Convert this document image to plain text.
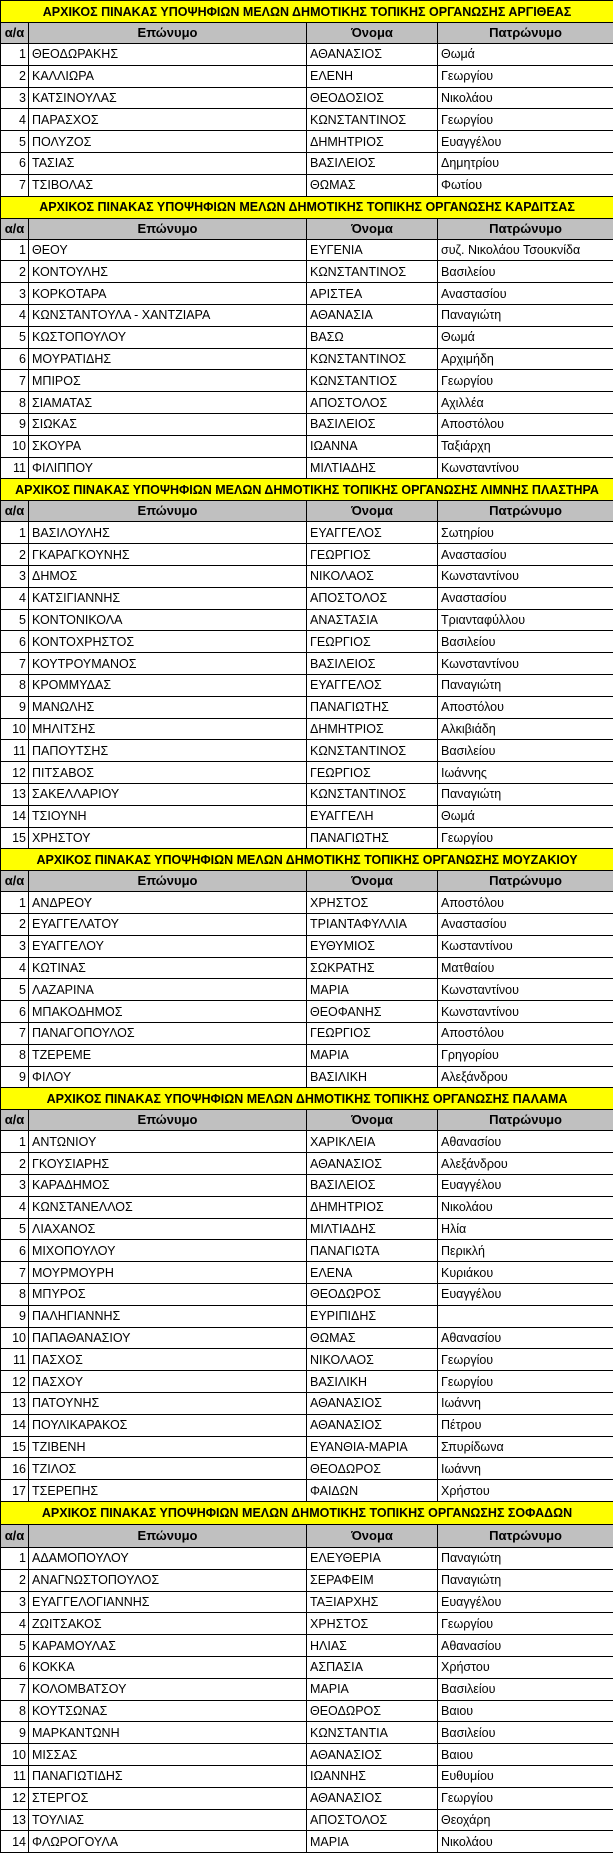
ΑΡΧΙΚΟΣ ΠΙΝΑΚΑΣ ΥΠΟΨΗΦΙΩΝ ΜΕΛΩΝ ΔΗΜΟΤΙΚΗΣ ΤΟΠΙΚΗΣ ΟΡΓΑΝΩΣΗΣ ΑΡΓΙΘΕΑΣ			
α/α	Επώνυμο	Όνομα	Πατρώνυμο
1	ΘΕΟΔΩΡΑΚΗΣ	ΑΘΑΝΑΣΙΟΣ	Θωμά
2	ΚΑΛΛΙΩΡΑ	ΕΛΕΝΗ	Γεωργίου
3	ΚΑΤΣΙΝΟΥΛΑΣ	ΘΕΟΔΟΣΙΟΣ	Νικολάου
4	ΠΑΡΑΣΧΟΣ	ΚΩΝΣΤΑΝΤΙΝΟΣ	Γεωργίου
5	ΠΟΛΥΖΟΣ	ΔΗΜΗΤΡΙΟΣ	Ευαγγέλου
6	ΤΑΣΙΑΣ	ΒΑΣΙΛΕΙΟΣ	Δημητρίου
7	ΤΣΙΒΟΛΑΣ	ΘΩΜΑΣ	Φωτίου
ΑΡΧΙΚΟΣ ΠΙΝΑΚΑΣ ΥΠΟΨΗΦΙΩΝ ΜΕΛΩΝ ΔΗΜΟΤΙΚΗΣ ΤΟΠΙΚΗΣ ΟΡΓΑΝΩΣΗΣ ΚΑΡΔΙΤΣΑΣ			
α/α	Επώνυμο	Όνομα	Πατρώνυμο
1	ΘΕΟΥ	ΕΥΓΕΝΙΑ	συζ. Νικολάου Τσουκνίδα
2	ΚΟΝΤΟΥΛΗΣ	ΚΩΝΣΤΑΝΤΙΝΟΣ	Βασιλείου
3	ΚΟΡΚΟΤΑΡΑ	ΑΡΙΣΤΕΑ	Αναστασίου
4	ΚΩΝΣΤΑΝΤΟΥΛΑ - ΧΑΝΤΖΙΑΡΑ	ΑΘΑΝΑΣΙΑ	Παναγιώτη
5	ΚΩΣΤΟΠΟΥΛΟΥ	ΒΑΣΩ	Θωμά
6	ΜΟΥΡΑΤΙΔΗΣ	ΚΩΝΣΤΑΝΤΙΝΟΣ	Αρχιμήδη
7	ΜΠΙΡΟΣ	ΚΩΝΣΤΑΝΤΙΟΣ	Γεωργίου
8	ΣΙΑΜΑΤΑΣ	ΑΠΟΣΤΟΛΟΣ	Αχιλλέα
9	ΣΙΩΚΑΣ	ΒΑΣΙΛΕΙΟΣ	Αποστόλου
10	ΣΚΟΥΡΑ	ΙΩΑΝΝΑ	Ταξιάρχη
11	ΦΙΛΙΠΠΟΥ	ΜΙΛΤΙΑΔΗΣ	Κωνσταντίνου
ΑΡΧΙΚΟΣ ΠΙΝΑΚΑΣ ΥΠΟΨΗΦΙΩΝ ΜΕΛΩΝ ΔΗΜΟΤΙΚΗΣ ΤΟΠΙΚΗΣ ΟΡΓΑΝΩΣΗΣ ΛΙΜΝΗΣ ΠΛΑΣΤΗΡΑ			
α/α	Επώνυμο	Όνομα	Πατρώνυμο
1	ΒΑΣΙΛΟΥΛΗΣ	ΕΥΑΓΓΕΛΟΣ	Σωτηρίου
2	ΓΚΑΡΑΓΚΟΥΝΗΣ	ΓΕΩΡΓΙΟΣ	Αναστασίου
3	ΔΗΜΟΣ	ΝΙΚΟΛΑΟΣ	Κωνσταντίνου
4	ΚΑΤΣΙΓΙΑΝΝΗΣ	ΑΠΟΣΤΟΛΟΣ	Αναστασίου
5	ΚΟΝΤΟΝΙΚΟΛΑ	ΑΝΑΣΤΑΣΙΑ	Τριανταφύλλου
6	ΚΟΝΤΟΧΡΗΣΤΟΣ	ΓΕΩΡΓΙΟΣ	Βασιλείου
7	ΚΟΥΤΡΟΥΜΑΝΟΣ	ΒΑΣΙΛΕΙΟΣ	Κωνσταντίνου
8	ΚΡΟΜΜΥΔΑΣ	ΕΥΑΓΓΕΛΟΣ	Παναγιώτη
9	ΜΑΝΩΛΗΣ	ΠΑΝΑΓΙΩΤΗΣ	Αποστόλου
10	ΜΗΛΙΤΣΗΣ	ΔΗΜΗΤΡΙΟΣ	Αλκιβιάδη
11	ΠΑΠΟΥΤΣΗΣ	ΚΩΝΣΤΑΝΤΙΝΟΣ	Βασιλείου
12	ΠΙΤΣΑΒΟΣ	ΓΕΩΡΓΙΟΣ	Ιωάννης
13	ΣΑΚΕΛΛΑΡΙΟΥ	ΚΩΝΣΤΑΝΤΙΝΟΣ	Παναγιώτη
14	ΤΣΙΟΥΝΗ	ΕΥΑΓΓΕΛΗ	Θωμά
15	ΧΡΗΣΤΟΥ	ΠΑΝΑΓΙΩΤΗΣ	Γεωργίου
ΑΡΧΙΚΟΣ ΠΙΝΑΚΑΣ ΥΠΟΨΗΦΙΩΝ ΜΕΛΩΝ ΔΗΜΟΤΙΚΗΣ ΤΟΠΙΚΗΣ ΟΡΓΑΝΩΣΗΣ ΜΟΥΖΑΚΙΟΥ			
α/α	Επώνυμο	Όνομα	Πατρώνυμο
1	ΑΝΔΡΕΟΥ	ΧΡΗΣΤΟΣ	Αποστόλου
2	ΕΥΑΓΓΕΛΑΤΟΥ	ΤΡΙΑΝΤΑΦΥΛΛΙΑ	Αναστασίου
3	ΕΥΑΓΓΕΛΟΥ	ΕΥΘΥΜΙΟΣ	Κωσταντίνου
4	ΚΩΤΙΝΑΣ	ΣΩΚΡΑΤΗΣ	Ματθαίου
5	ΛΑΖΑΡΙΝΑ	ΜΑΡΙΑ	Κωνσταντίνου
6	ΜΠΑΚΟΔΗΜΟΣ	ΘΕΟΦΑΝΗΣ	Κωνσταντίνου
7	ΠΑΝΑΓΟΠΟΥΛΟΣ	ΓΕΩΡΓΙΟΣ	Αποστόλου
8	ΤΖΕΡΕΜΕ	ΜΑΡΙΑ	Γρηγορίου
9	ΦΙΛΟΥ	ΒΑΣΙΛΙΚΗ	Αλεξάνδρου
ΑΡΧΙΚΟΣ ΠΙΝΑΚΑΣ ΥΠΟΨΗΦΙΩΝ ΜΕΛΩΝ ΔΗΜΟΤΙΚΗΣ ΤΟΠΙΚΗΣ ΟΡΓΑΝΩΣΗΣ ΠΑΛΑΜΑ			
α/α	Επώνυμο	Όνομα	Πατρώνυμο
1	ΑΝΤΩΝΙΟΥ	ΧΑΡΙΚΛΕΙΑ	Αθανασίου
2	ΓΚΟΥΣΙΑΡΗΣ	ΑΘΑΝΑΣΙΟΣ	Αλεξάνδρου
3	ΚΑΡΑΔΗΜΟΣ	ΒΑΣΙΛΕΙΟΣ	Ευαγγέλου
4	ΚΩΝΣΤΑΝΕΛΛΟΣ	ΔΗΜΗΤΡΙΟΣ	Νικολάου
5	ΛΙΑΧΑΝΟΣ	ΜΙΛΤΙΑΔΗΣ	Ηλία
6	ΜΙΧΟΠΟΥΛΟΥ	ΠΑΝΑΓΙΩΤΑ	Περικλή
7	ΜΟΥΡΜΟΥΡΗ	ΕΛΕΝΑ	Κυριάκου
8	ΜΠΥΡΟΣ	ΘΕΟΔΩΡΟΣ	Ευαγγέλου
9	ΠΑΛΗΓΙΑΝΝΗΣ	ΕΥΡΙΠΙΔΗΣ	
10	ΠΑΠΑΘΑΝΑΣΙΟΥ	ΘΩΜΑΣ	Αθανασίου
11	ΠΑΣΧΟΣ	ΝΙΚΟΛΑΟΣ	Γεωργίου
12	ΠΑΣΧΟΥ	ΒΑΣΙΛΙΚΗ	Γεωργίου
13	ΠΑΤΟΥΝΗΣ	ΑΘΑΝΑΣΙΟΣ	Ιωάννη
14	ΠΟΥΛΙΚΑΡΑΚΟΣ	ΑΘΑΝΑΣΙΟΣ	Πέτρου
15	ΤΖΙΒΕΝΗ	ΕΥΑΝΘΙΑ-ΜΑΡΙΑ	Σπυρίδωνα
16	ΤΖΙΛΟΣ	ΘΕΟΔΩΡΟΣ	Ιωάννη
17	ΤΣΕΡΕΠΗΣ	ΦΑΙΔΩΝ	Χρήστου
ΑΡΧΙΚΟΣ ΠΙΝΑΚΑΣ ΥΠΟΨΗΦΙΩΝ ΜΕΛΩΝ ΔΗΜΟΤΙΚΗΣ ΤΟΠΙΚΗΣ ΟΡΓΑΝΩΣΗΣ ΣΟΦΑΔΩΝ			
α/α	Επώνυμο	Όνομα	Πατρώνυμο
1	ΑΔΑΜΟΠΟΥΛΟΥ	ΕΛΕΥΘΕΡΙΑ	Παναγιώτη
2	ΑΝΑΓΝΩΣΤΟΠΟΥΛΟΣ	ΣΕΡΑΦΕΙΜ	Παναγιώτη
3	ΕΥΑΓΓΕΛΟΓΙΑΝΝΗΣ	ΤΑΞΙΑΡΧΗΣ	Ευαγγέλου
4	ΖΩΙΤΣΑΚΟΣ	ΧΡΗΣΤΟΣ	Γεωργίου
5	ΚΑΡΑΜΟΥΛΑΣ	ΗΛΙΑΣ	Αθανασίου
6	ΚΟΚΚΑ	ΑΣΠΑΣΙΑ	Χρήστου
7	ΚΟΛΟΜΒΑΤΣΟΥ	ΜΑΡΙΑ	Βασιλείου
8	ΚΟΥΤΣΩΝΑΣ	ΘΕΟΔΩΡΟΣ	Βαιου
9	ΜΑΡΚΑΝΤΩΝΗ	ΚΩΝΣΤΑΝΤΙΑ	Βασιλείου
10	ΜΙΣΣΑΣ	ΑΘΑΝΑΣΙΟΣ	Βαιου
11	ΠΑΝΑΓΙΩΤΙΔΗΣ	ΙΩΑΝΝΗΣ	Ευθυμίου
12	ΣΤΕΡΓΟΣ	ΑΘΑΝΑΣΙΟΣ	Γεωργίου
13	ΤΟΥΛΙΑΣ	ΑΠΟΣΤΟΛΟΣ	Θεοχάρη
14	ΦΛΩΡΟΓΟΥΛΑ	ΜΑΡΙΑ	Νικολάου
